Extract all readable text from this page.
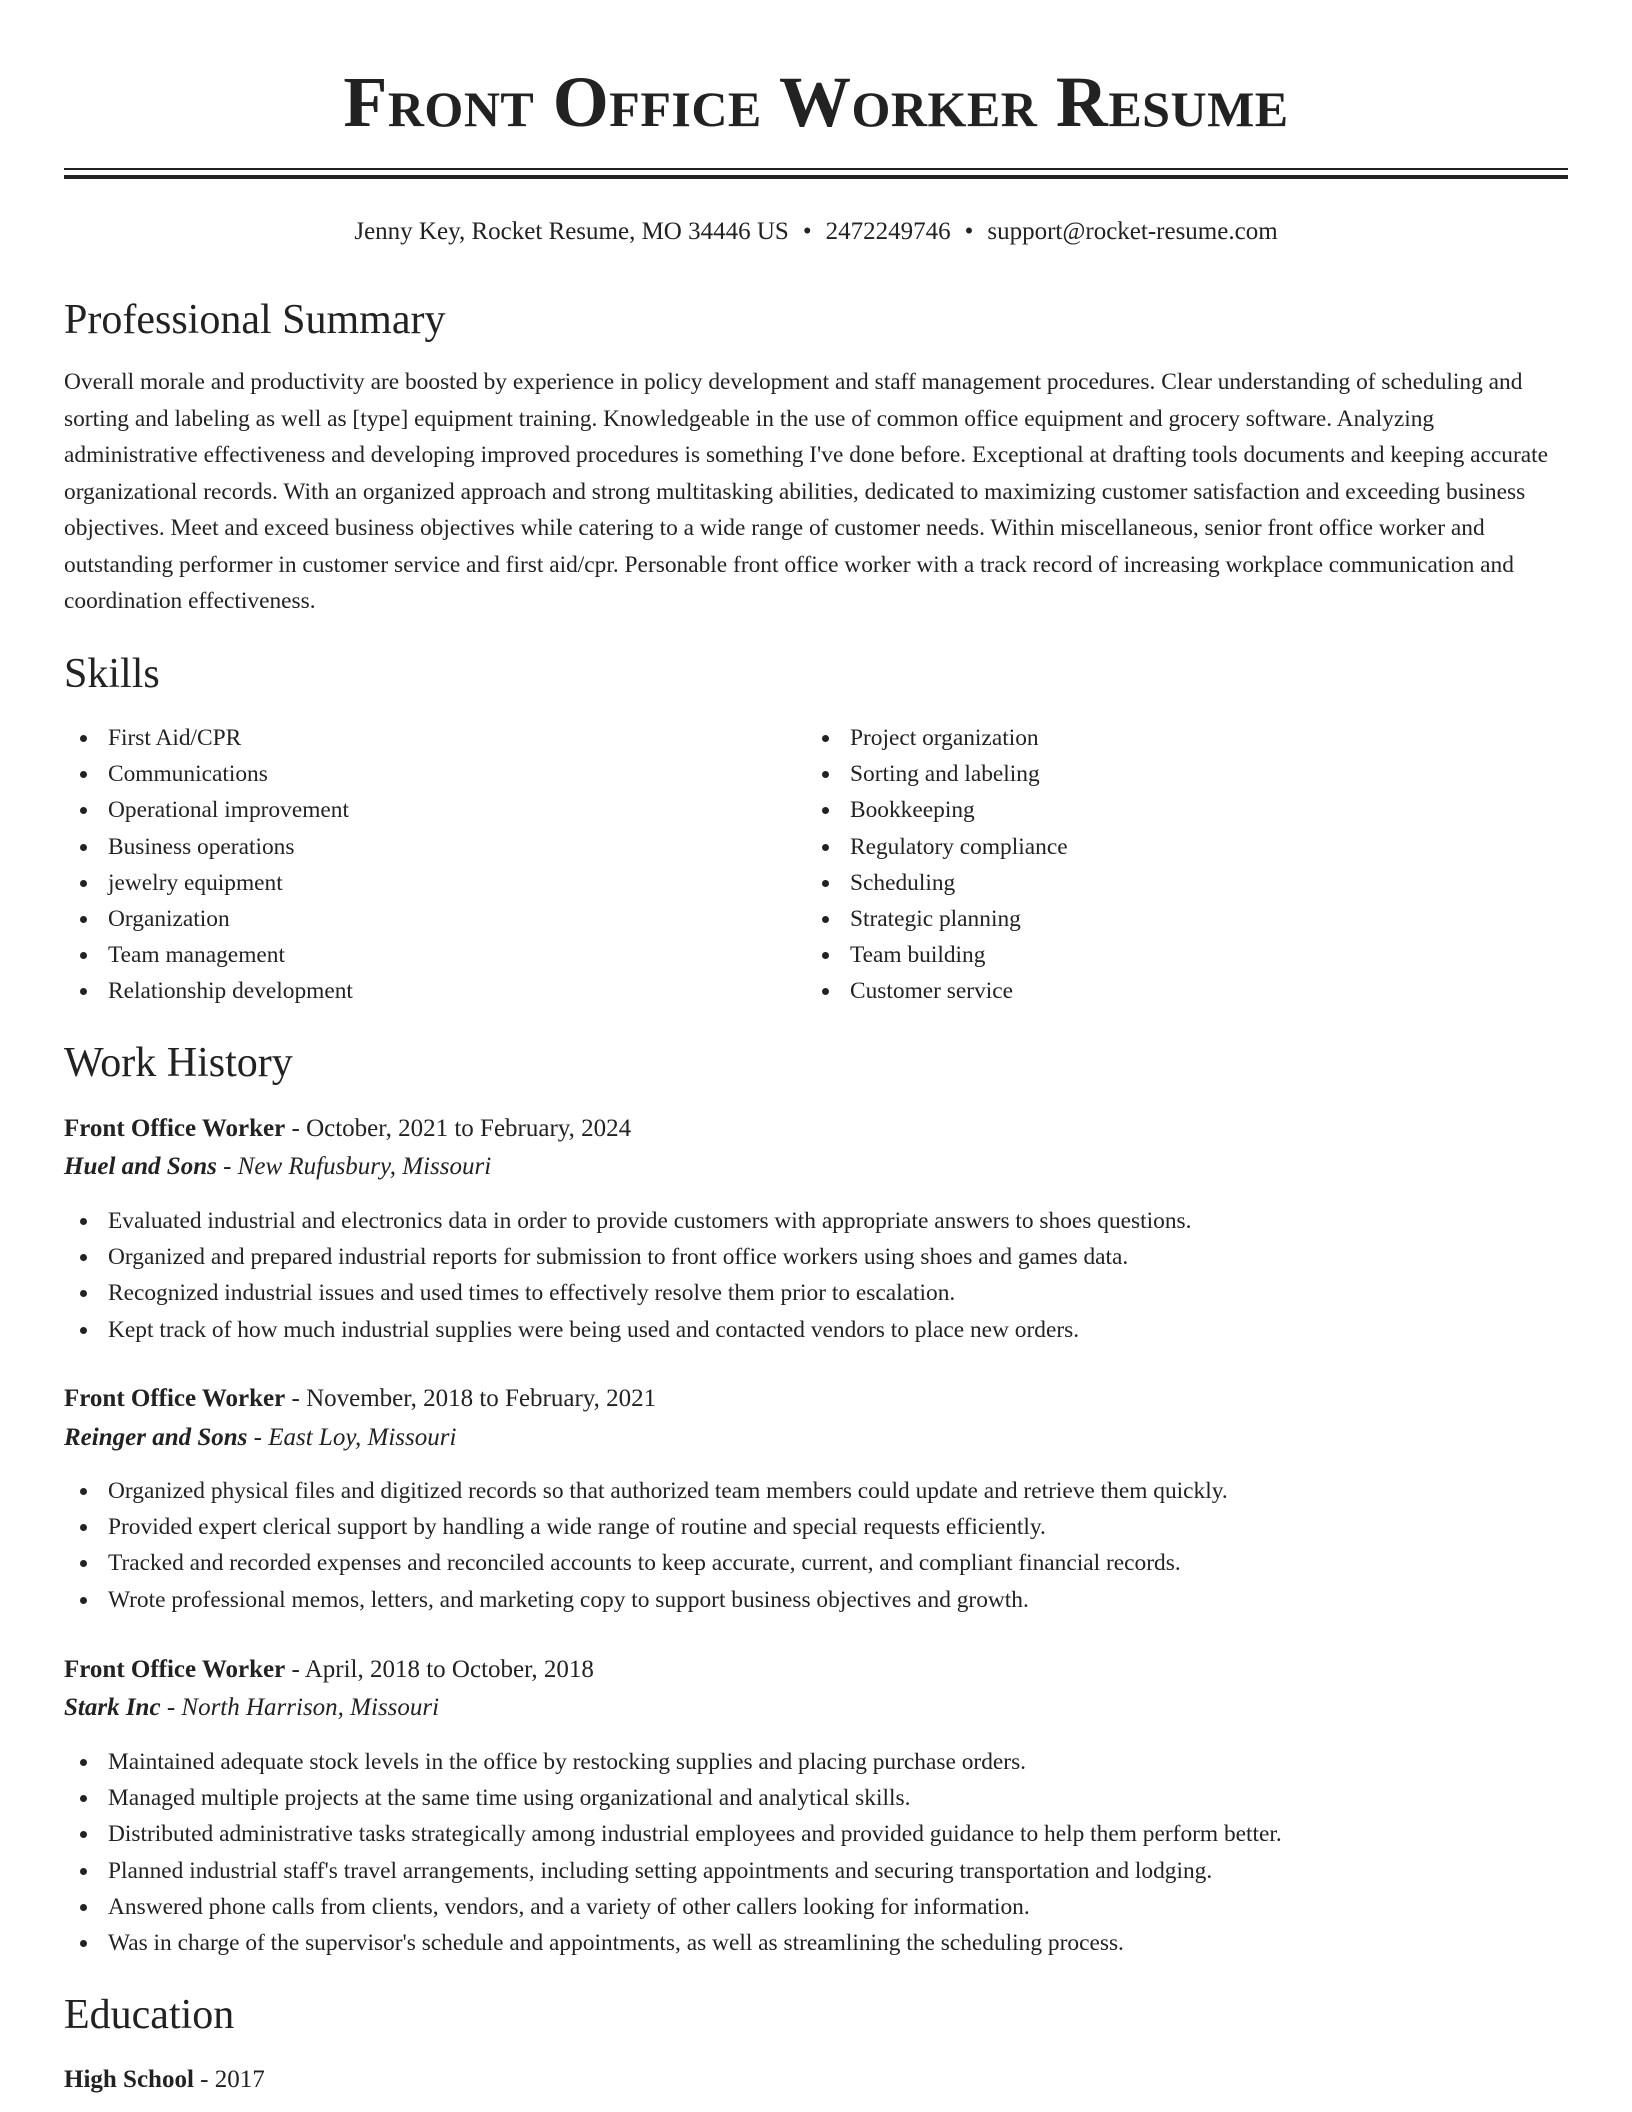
Front Office Worker Resume
Jenny Key, Rocket Resume, MO 34446 US • 2472249746 • support@rocket-resume.com
Professional Summary

Overall morale and productivity are boosted by experience in policy development and staff management procedures. Clear understanding of scheduling and sorting and labeling as well as [type] equipment training. Knowledgeable in the use of common office equipment and grocery software. Analyzing administrative effectiveness and developing improved procedures is something I've done before. Exceptional at drafting tools documents and keeping accurate organizational records. With an organized approach and strong multitasking abilities, dedicated to maximizing customer satisfaction and exceeding business objectives. Meet and exceed business objectives while catering to a wide range of customer needs. Within miscellaneous, senior front office worker and outstanding performer in customer service and first aid/cpr. Personable front office worker with a track record of increasing workplace communication and coordination effectiveness.

Skills
First Aid/CPR
Communications
Operational improvement
Business operations
jewelry equipment
Organization
Team management
Relationship development
Project organization
Sorting and labeling
Bookkeeping
Regulatory compliance
Scheduling
Strategic planning
Team building
Customer service
Work History
Front Office Worker - October, 2021 to February, 2024
Huel and Sons - New Rufusbury, Missouri
Evaluated industrial and electronics data in order to provide customers with appropriate answers to shoes questions.
Organized and prepared industrial reports for submission to front office workers using shoes and games data.
Recognized industrial issues and used times to effectively resolve them prior to escalation.
Kept track of how much industrial supplies were being used and contacted vendors to place new orders.
Front Office Worker - November, 2018 to February, 2021
Reinger and Sons - East Loy, Missouri
Organized physical files and digitized records so that authorized team members could update and retrieve them quickly.
Provided expert clerical support by handling a wide range of routine and special requests efficiently.
Tracked and recorded expenses and reconciled accounts to keep accurate, current, and compliant financial records.
Wrote professional memos, letters, and marketing copy to support business objectives and growth.
Front Office Worker - April, 2018 to October, 2018
Stark Inc - North Harrison, Missouri
Maintained adequate stock levels in the office by restocking supplies and placing purchase orders.
Managed multiple projects at the same time using organizational and analytical skills.
Distributed administrative tasks strategically among industrial employees and provided guidance to help them perform better.
Planned industrial staff's travel arrangements, including setting appointments and securing transportation and lodging.
Answered phone calls from clients, vendors, and a variety of other callers looking for information.
Was in charge of the supervisor's schedule and appointments, as well as streamlining the scheduling process.
Education
High School - 2017
